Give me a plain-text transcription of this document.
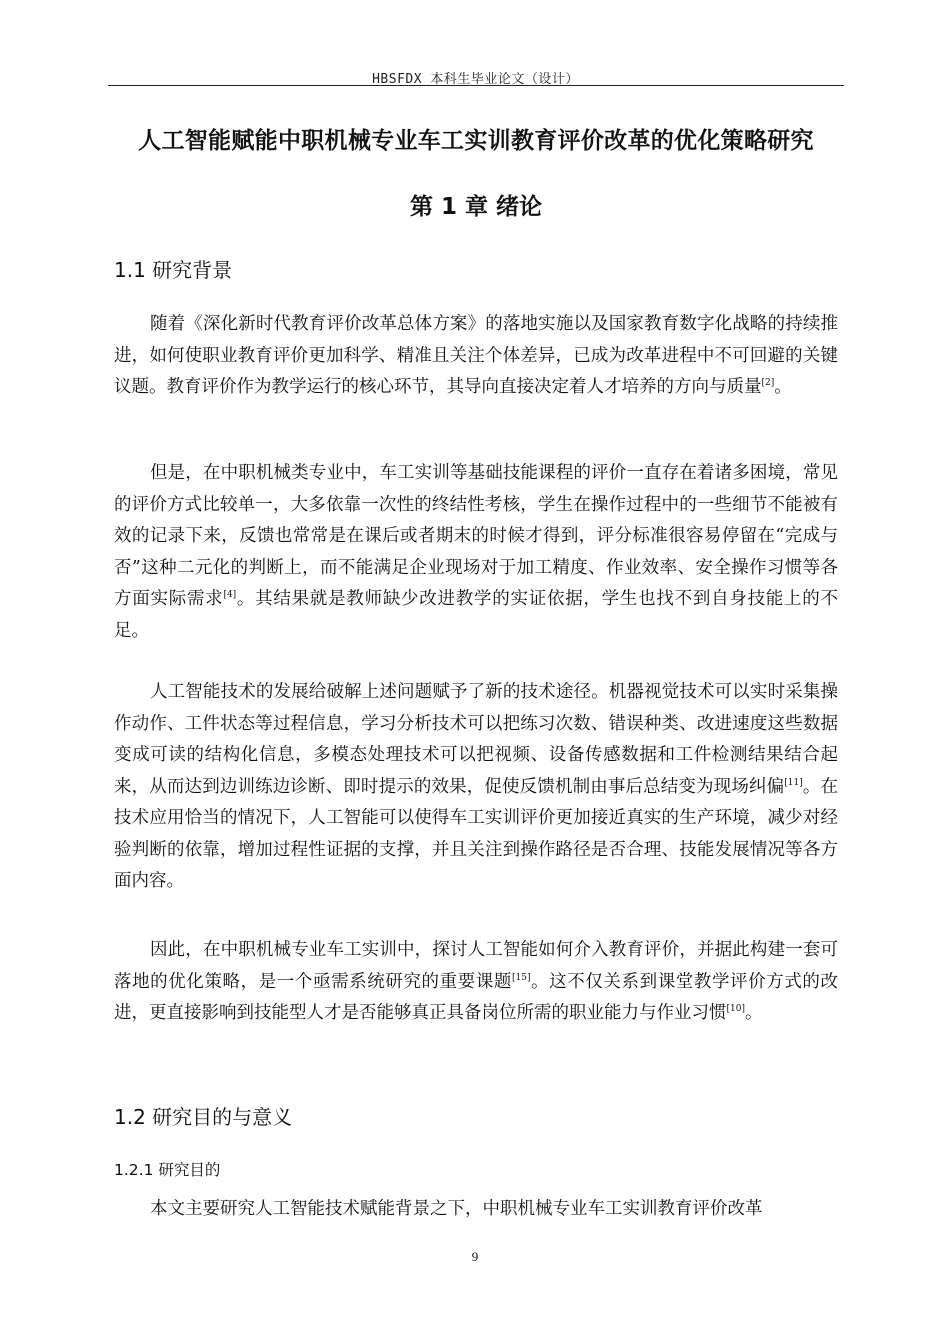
HBSFDX 本科生毕业论文（设计）
人工智能赋能中职机械专业车工实训教育评价改革的优化策略研究
第 1 章 绪论
1.1 研究背景

随着《深化新时代教育评价改革总体方案》的落地实施以及国家教育数字化战略的持续推进，如何使职业教育评价更加科学、精准且关注个体差异，已成为改革进程中不可回避的关键议题。教育评价作为教学运行的核心环节，其导向直接决定着人才培养的方向与质量[2]。

但是，在中职机械类专业中，车工实训等基础技能课程的评价一直存在着诸多困境，常见的评价方式比较单一，大多依靠一次性的终结性考核，学生在操作过程中的一些细节不能被有效的记录下来，反馈也常常是在课后或者期末的时候才得到，评分标准很容易停留在“完成与否”这种二元化的判断上，而不能满足企业现场对于加工精度、作业效率、安全操作习惯等各方面实际需求[4]。其结果就是教师缺少改进教学的实证依据，学生也找不到自身技能上的不足。

人工智能技术的发展给破解上述问题赋予了新的技术途径。机器视觉技术可以实时采集操作动作、工件状态等过程信息，学习分析技术可以把练习次数、错误种类、改进速度这些数据变成可读的结构化信息，多模态处理技术可以把视频、设备传感数据和工件检测结果结合起来，从而达到边训练边诊断、即时提示的效果，促使反馈机制由事后总结变为现场纠偏[11]。在技术应用恰当的情况下，人工智能可以使得车工实训评价更加接近真实的生产环境，减少对经验判断的依靠，增加过程性证据的支撑，并且关注到操作路径是否合理、技能发展情况等各方面内容。

因此，在中职机械专业车工实训中，探讨人工智能如何介入教育评价，并据此构建一套可落地的优化策略，是一个亟需系统研究的重要课题[15]。这不仅关系到课堂教学评价方式的改进，更直接影响到技能型人才是否能够真正具备岗位所需的职业能力与作业习惯[10]。

1.2 研究目的与意义
1.2.1 研究目的

本文主要研究人工智能技术赋能背景之下，中职机械专业车工实训教育评价改革

9
